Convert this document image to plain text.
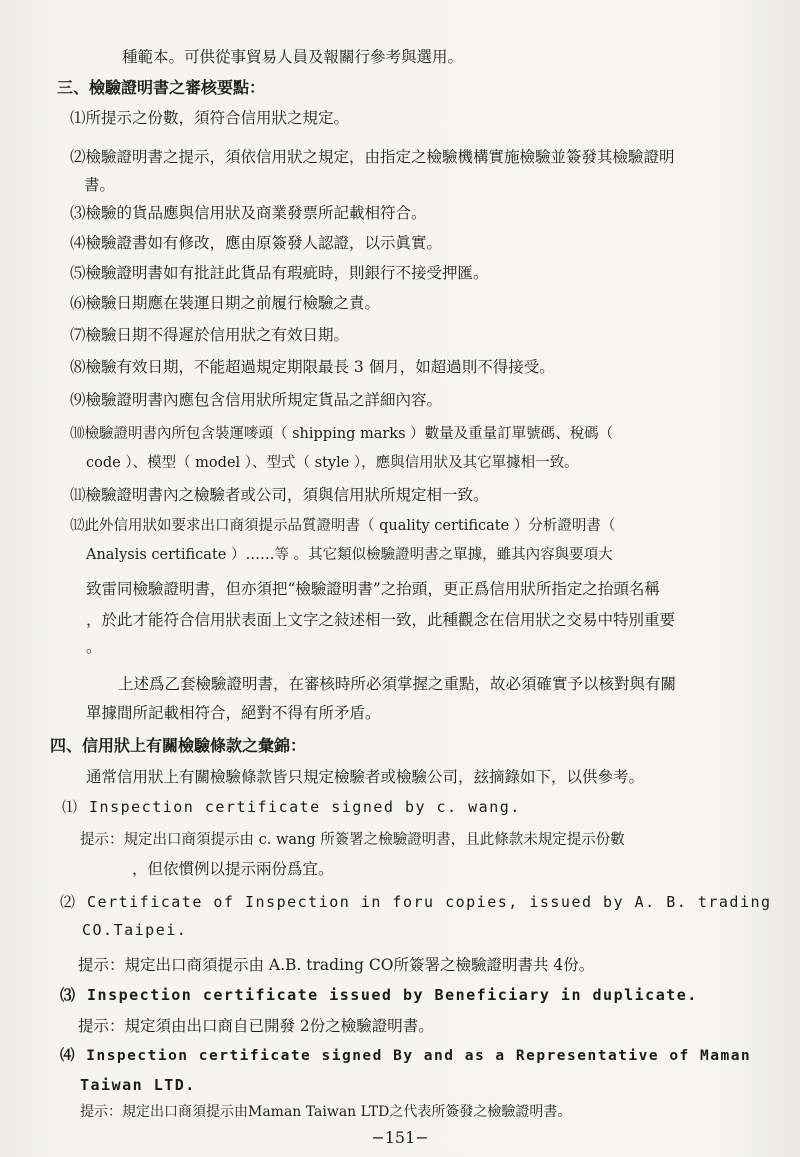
種範本。可供從事貿易人員及報關行參考與選用。
三、檢驗證明書之審核要點：
⑴所提示之份數，須符合信用狀之規定。
⑵檢驗證明書之提示，須依信用狀之規定，由指定之檢驗機構實施檢驗並簽發其檢驗證明
書。
⑶檢驗的貨品應與信用狀及商業發票所記載相符合。
⑷檢驗證書如有修改，應由原簽發人認證，以示眞實。
⑸檢驗證明書如有批註此貨品有瑕疵時，則銀行不接受押匯。
⑹檢驗日期應在裝運日期之前履行檢驗之責。
⑺檢驗日期不得遲於信用狀之有效日期。
⑻檢驗有效日期，不能超過規定期限最長 3 個月，如超過則不得接受。
⑼檢驗證明書內應包含信用狀所規定貨品之詳細內容。
⑽檢驗證明書內所包含裝運嘜頭（ shipping marks ）數量及重量訂單號碼、稅碼（
code ）、模型（ model ）、型式（ style ），應與信用狀及其它單據相一致。
⑾檢驗證明書內之檢驗者或公司，須與信用狀所規定相一致。
⑿此外信用狀如要求出口商須提示品質證明書（ quality certificate ）分析證明書（
Analysis certificate ）……等 。其它類似檢驗證明書之單據，雖其內容與要項大
致雷同檢驗證明書，但亦須把“檢驗證明書”之抬頭，更正爲信用狀所指定之抬頭名稱
，於此才能符合信用狀表面上文字之敍述相一致，此種觀念在信用狀之交易中特別重要
。
上述爲乙套檢驗證明書，在審核時所必須掌握之重點，故必須確實予以核對與有關
單據間所記載相符合，絕對不得有所矛盾。
四、信用狀上有關檢驗條款之彙錦：
通常信用狀上有關檢驗條款皆只規定檢驗者或檢驗公司，玆摘錄如下，以供參考。
⑴ Inspection certificate signed by c. wang.
提示：規定出口商須提示由 c. wang 所簽署之檢驗證明書，且此條款未規定提示份數
，但依慣例以提示兩份爲宜。
⑵ Certificate of Inspection in foru copies, issued by A. B. trading
CO.Taipei.
提示：規定出口商須提示由 A.B. trading CO所簽署之檢驗證明書共 4份。
⑶ Inspection certificate issued by Beneficiary in duplicate.
提示：規定須由出口商自已開發 2份之檢驗證明書。
⑷ Inspection certificate signed By and as a Representative of Maman
Taiwan LTD.
提示：規定出口商須提示由Maman Taiwan LTD之代表所簽發之檢驗證明書。
−151−
